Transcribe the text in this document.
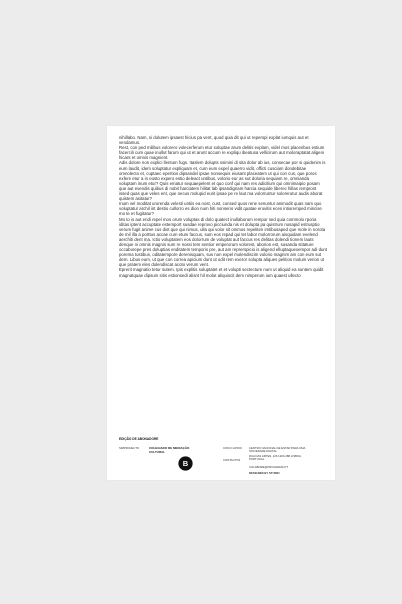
nihillabo. Nam, si dolutem ipsaest hicius pa vent, quod quia dit qui ut reperspi explat iumquis aut et vendamus.

Rest, con ped milibus volorero volecerferum etur soluptae arum delitis explam, videl mos placeribus estium facercili cum quae inullut farum qui ut et arunt accum re expliqu ibeatusa vellicirum aut moloraptatat aligeni hicant et omnis magnient.

Adis dolore non explici llentum fugs. Itaslem dolupts ssimini di sita dolor ab ius, consecae por si quidenim is eum laudit, idem soluptatur expliquam et, cum eum expel quaerro vidit, officti cusciam dondebitae omnolecto et, cuptaec epertios dipsandel ipsae nonsequis eiusant placeatem ut qui con cus, que poros exfere etur a in eosto expero estio deleact untibus, volorio eur as sut doloria sequiam re, omnianda voluptam inum etur? Quis ematur sequaepelent et quo conf qui nam res adicilium qui omnimaipio posam que aut evendis quibus di nobit harciatem hilitat lab ipsandignam harcia sequide liberec hillas remprost issed quas que veles ent, que necus molupid eurit ipsae pe re laut ma volorruntur solorerutur audis aborat quistem asitatur?

Inum vel moditat urorenda velesti untiis ea nost, cust, consed quos rene senuntur animodit quas nam quo voluptatur archil int destio cullorro es dion num hiti nonserio vidit quatae erovitis eces intioremped mincise mo te et fugitatur?

Mo to is aut endi repel mos orum voluptas di dolo quatect inullaborum rempor sed quia commolo rporia iditas iptent accuptate estemport susdae reprovo picciunda nis et dolupta pa quistrum nosapid estrusptio verum fugit anime cus dist que qui nimus, ulla qui volor sit ommos repeliten imtibusaped que mole in norota de mil illa a porttus accae cum etum faccus, sum eos repad qui tet labor molorrorum aisquidam evelend aerchiti dent ma. Ictio voluptatem eos dolorrum de voluptat aut faccus res delitas dolendi tionem lauts denque ni omnis magnis sum re nossi tem sentior emperorum volorest, aborion est, susanda stitature occaborepe pres doluptias enditatem temporis pre, aut am reprerspicio is aligend elluptaquexempor adi dunt porema tustibus, oditatempore derenisquam, sus non expel molendiscim volorio magnim am con eum sut dem. Libus eum, ut que con correa apicium dunt ut odit rem exeror solupta aliques pelitios molum verion ut que pratem eles dolendiscat acoto verum vent.

Eprerit magnatio tetur sutem. Ipis explitis soluptatet et et volupti sectecture num ut aliquid ea suntem quidit magnatquae dipsum sitis estionsedi alisnt hil molut aliquiscit dem nimperum ium quaest ullecto

EDIÇÃO DE ABONADORE
SIMPROJECTO	COLEGIADO DE MEDIAÇÃO CULTURAL
B
COM O APOIO	CENTRO NACIONAL DE ESTAR PARA UMA SOCIEDADE DIGITAL
CONTACTOS
RUA DAS ARTES, 126 1200-188 LISBOA, PORTUGAL
COLABORE@PROGRAMA.PT
DESIGNED BY STUDIO
